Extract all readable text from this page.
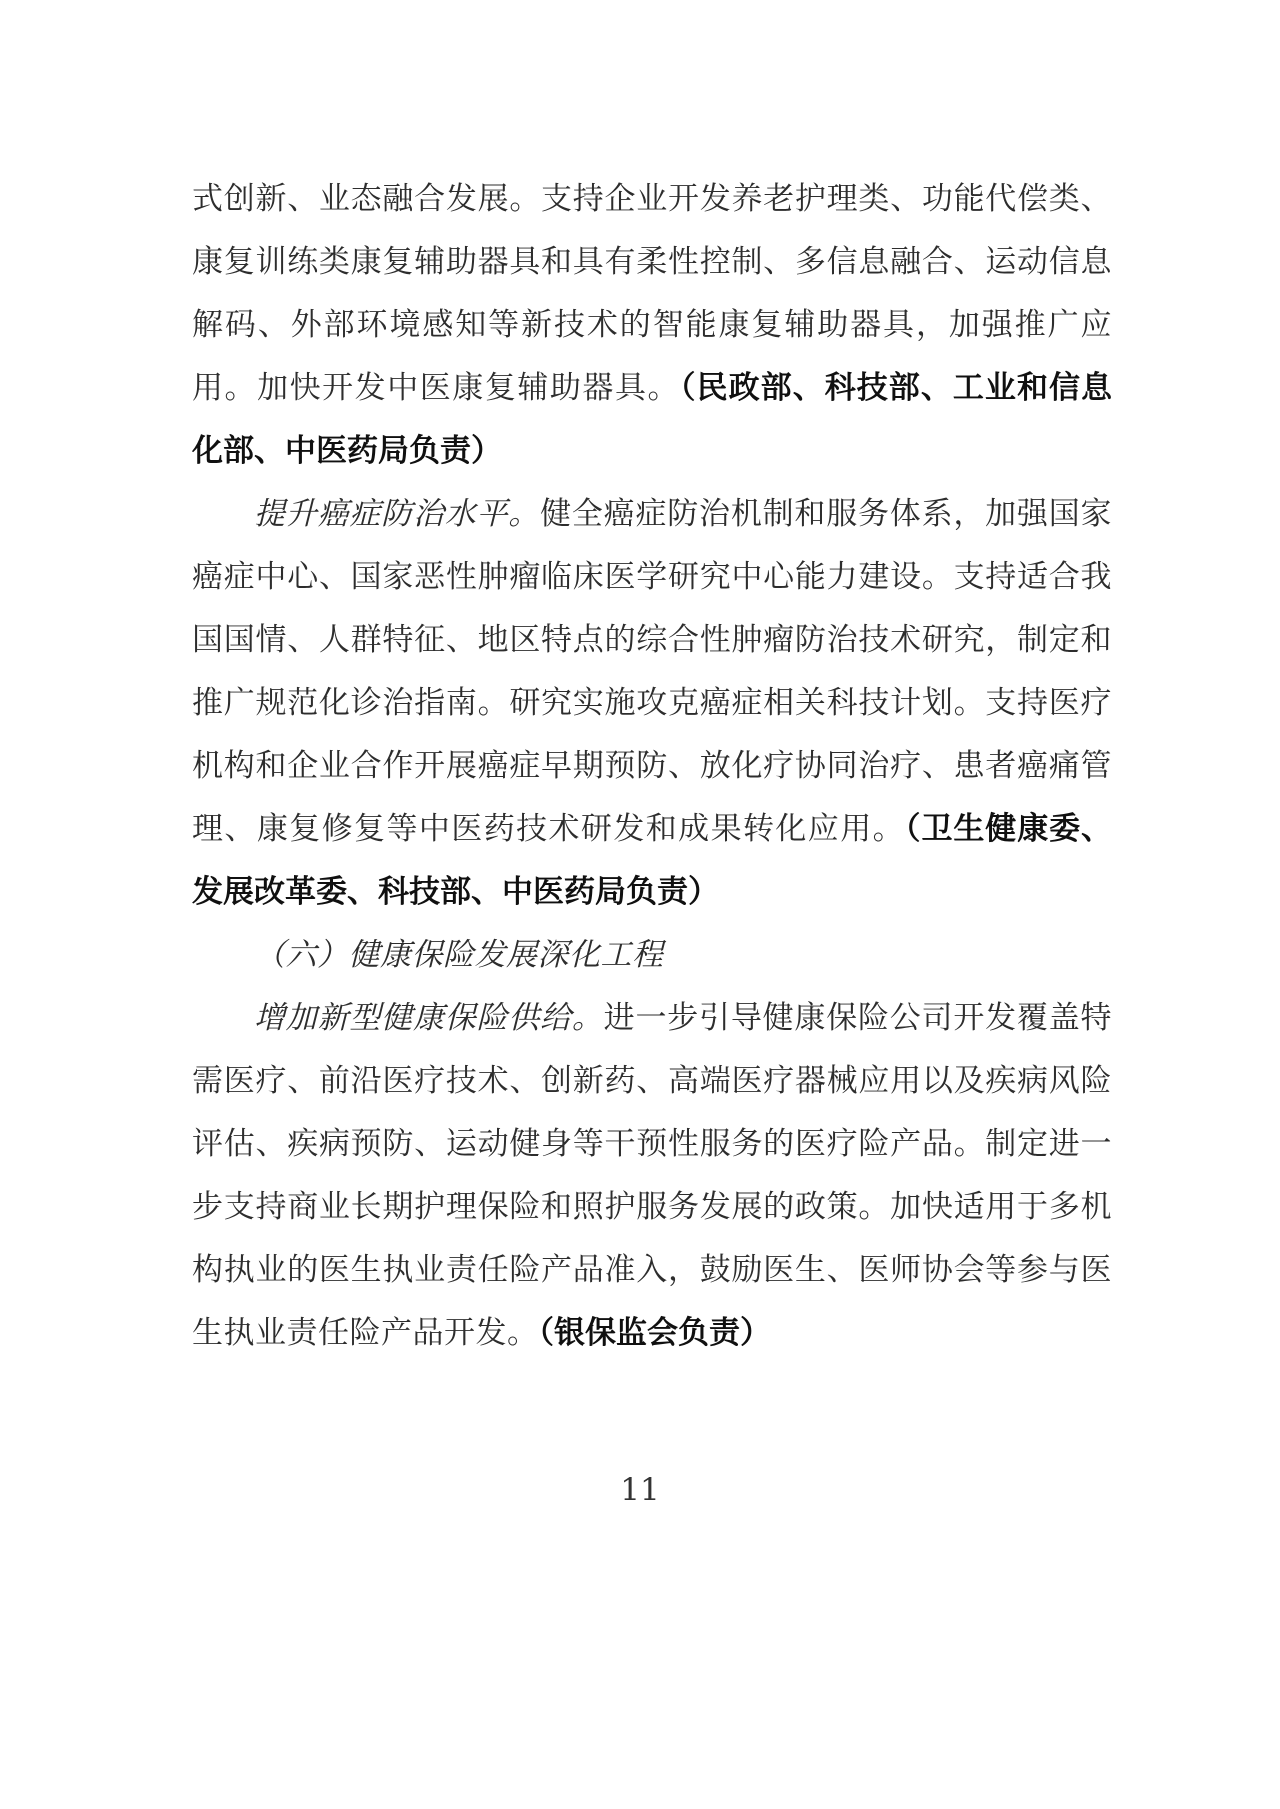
式创新、业态融合发展。支持企业开发养老护理类、功能代偿类、康复训练类康复辅助器具和具有柔性控制、多信息融合、运动信息解码、外部环境感知等新技术的智能康复辅助器具，加强推广应用。加快开发中医康复辅助器具。（民政部、科技部、工业和信息化部、中医药局负责）

提升癌症防治水平。健全癌症防治机制和服务体系，加强国家癌症中心、国家恶性肿瘤临床医学研究中心能力建设。支持适合我国国情、人群特征、地区特点的综合性肿瘤防治技术研究，制定和推广规范化诊治指南。研究实施攻克癌症相关科技计划。支持医疗机构和企业合作开展癌症早期预防、放化疗协同治疗、患者癌痛管理、康复修复等中医药技术研发和成果转化应用。（卫生健康委、发展改革委、科技部、中医药局负责）

（六）健康保险发展深化工程

增加新型健康保险供给。进一步引导健康保险公司开发覆盖特需医疗、前沿医疗技术、创新药、高端医疗器械应用以及疾病风险评估、疾病预防、运动健身等干预性服务的医疗险产品。制定进一步支持商业长期护理保险和照护服务发展的政策。加快适用于多机构执业的医生执业责任险产品准入，鼓励医生、医师协会等参与医生执业责任险产品开发。（银保监会负责）

11
